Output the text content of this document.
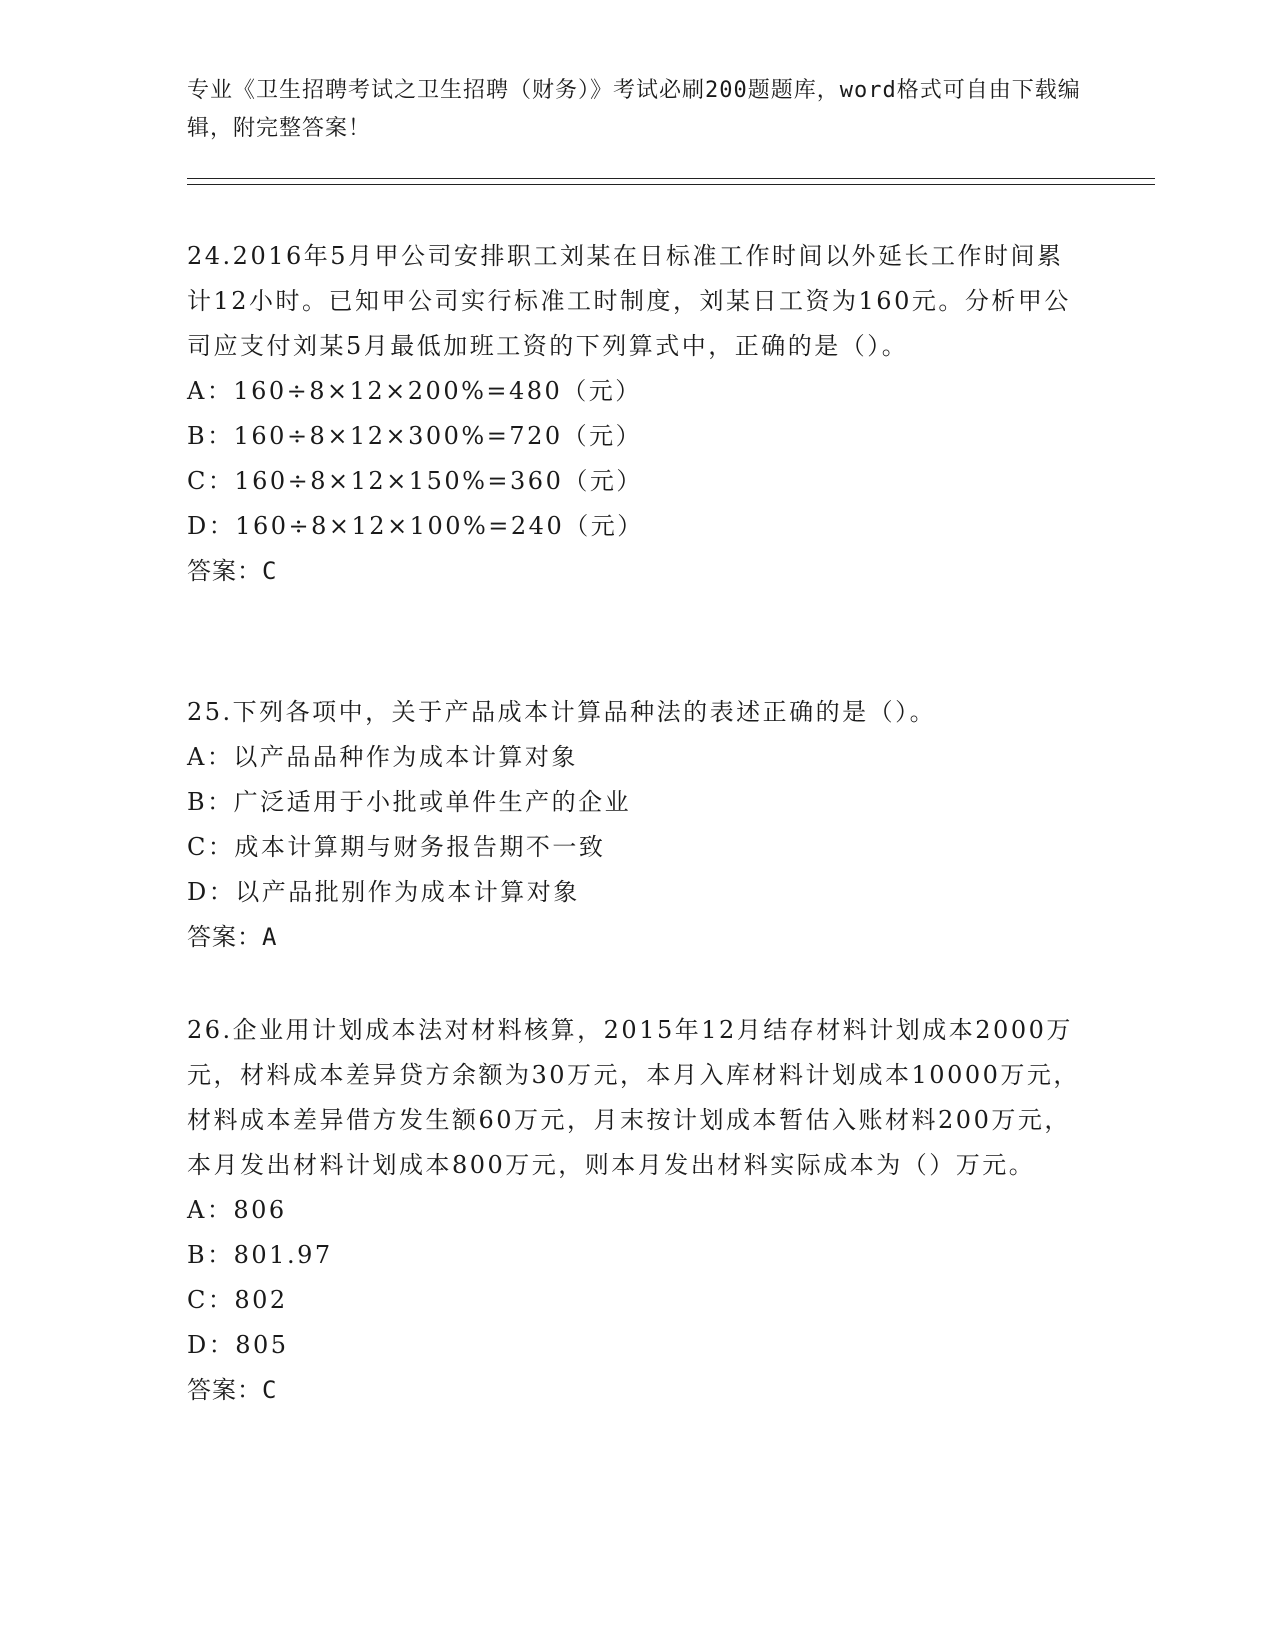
专业《卫生招聘考试之卫生招聘（财务）》考试必刷200题题库，word格式可自由下载编辑，附完整答案！
24.2016年5月甲公司安排职工刘某在日标准工作时间以外延长工作时间累计12小时。已知甲公司实行标准工时制度，刘某日工资为160元。分析甲公司应支付刘某5月最低加班工资的下列算式中，正确的是（）。
A：160÷8×12×200%=480（元）
B：160÷8×12×300%=720（元）
C：160÷8×12×150%=360（元）
D：160÷8×12×100%=240（元）
答案：C
25.下列各项中，关于产品成本计算品种法的表述正确的是（）。
A：以产品品种作为成本计算对象
B：广泛适用于小批或单件生产的企业
C：成本计算期与财务报告期不一致
D：以产品批别作为成本计算对象
答案：A
26.企业用计划成本法对材料核算，2015年12月结存材料计划成本2000万元，材料成本差异贷方余额为30万元，本月入库材料计划成本10000万元，材料成本差异借方发生额60万元，月末按计划成本暂估入账材料200万元，本月发出材料计划成本800万元，则本月发出材料实际成本为（）万元。
A：806
B：801.97
C：802
D：805
答案：C
